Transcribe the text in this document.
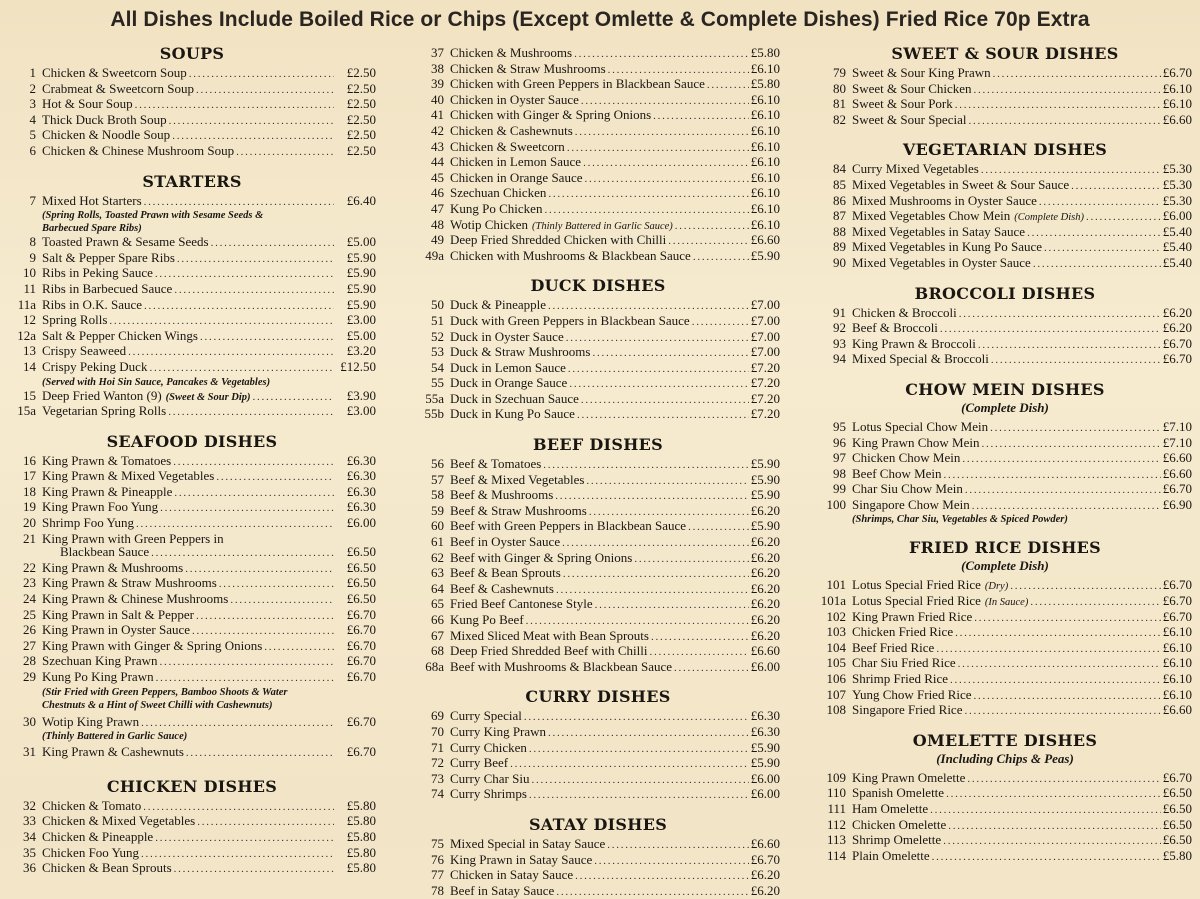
All Dishes Include Boiled Rice or Chips (Except Omlette & Complete Dishes) Fried Rice 70p Extra
SOUPS
1 Chicken & Sweetcorn Soup . . .	£2.50
2 Crabmeat & Sweetcorn Soup . . .	£2.50
3 Hot & Sour Soup . . .	£2.50
4 Thick Duck Broth Soup . . .	£2.50
5 Chicken & Noodle Soup . . .	£2.50
6 Chicken & Chinese Mushroom Soup . . .	£2.50
STARTERS
7 Mixed Hot Starters . . .	£6.40
(Spring Rolls, Toasted Prawn with Sesame Seeds & Barbecued Spare Ribs)
8 Toasted Prawn & Sesame Seeds . . .	£5.00
9 Salt & Pepper Spare Ribs . . .	£5.90
10 Ribs in Peking Sauce . . .	£5.90
11 Ribs in Barbecued Sauce . . .	£5.90
11a Ribs in O.K. Sauce . . .	£5.90
12 Spring Rolls . . .	£3.00
12a Salt & Pepper Chicken Wings . . .	£5.00
13 Crispy Seaweed . . .	£3.20
14 Crispy Peking Duck . . .	£12.50
(Served with Hoi Sin Sauce, Pancakes & Vegetables)
15 Deep Fried Wanton (9) (Sweet & Sour Dip) . . .	£3.90
15a Vegetarian Spring Rolls . . .	£3.00
SEAFOOD DISHES
16 King Prawn & Tomatoes . . .	£6.30
17 King Prawn & Mixed Vegetables . . .	£6.30
18 King Prawn & Pineapple . . .	£6.30
19 King Prawn Foo Yung . . .	£6.30
20 Shrimp Foo Yung . . .	£6.00
21 King Prawn with Green Peppers in
Blackbean Sauce . . .	£6.50
22 King Prawn & Mushrooms . . .	£6.50
23 King Prawn & Straw Mushrooms . . .	£6.50
24 King Prawn & Chinese Mushrooms . . .	£6.50
25 King Prawn in Salt & Pepper . . .	£6.70
26 King Prawn in Oyster Sauce . . .	£6.70
27 King Prawn with Ginger & Spring Onions . . .	£6.70
28 Szechuan King Prawn . . .	£6.70
29 Kung Po King Prawn . . .	£6.70
(Stir Fried with Green Peppers, Bamboo Shoots & Water Chestnuts & a Hint of Sweet Chilli with Cashewnuts)
30 Wotip King Prawn . . .	£6.70
(Thinly Battered in Garlic Sauce)
31 King Prawn & Cashewnuts . . .	£6.70
CHICKEN DISHES
32 Chicken & Tomato . . .	£5.80
33 Chicken & Mixed Vegetables . . .	£5.80
34 Chicken & Pineapple . . .	£5.80
35 Chicken Foo Yung . . .	£5.80
36 Chicken & Bean Sprouts . . .	£5.80
37 Chicken & Mushrooms . . .	£5.80
38 Chicken & Straw Mushrooms . . .	£6.10
39 Chicken with Green Peppers in Blackbean Sauce . . .	£5.80
40 Chicken in Oyster Sauce . . .	£6.10
41 Chicken with Ginger & Spring Onions . . .	£6.10
42 Chicken & Cashewnuts . . .	£6.10
43 Chicken & Sweetcorn . . .	£6.10
44 Chicken in Lemon Sauce . . .	£6.10
45 Chicken in Orange Sauce . . .	£6.10
46 Szechuan Chicken . . .	£6.10
47 Kung Po Chicken . . .	£6.10
48 Wotip Chicken (Thinly Battered in Garlic Sauce) . . .	£6.10
49 Deep Fried Shredded Chicken with Chilli . . .	£6.60
49a Chicken with Mushrooms & Blackbean Sauce . . .	£5.90
DUCK DISHES
50 Duck & Pineapple . . .	£7.00
51 Duck with Green Peppers in Blackbean Sauce . . .	£7.00
52 Duck in Oyster Sauce . . .	£7.00
53 Duck & Straw Mushrooms . . .	£7.00
54 Duck in Lemon Sauce . . .	£7.20
55 Duck in Orange Sauce . . .	£7.20
55a Duck in Szechuan Sauce . . .	£7.20
55b Duck in Kung Po Sauce . . .	£7.20
BEEF DISHES
56 Beef & Tomatoes . . .	£5.90
57 Beef & Mixed Vegetables . . .	£5.90
58 Beef & Mushrooms . . .	£5.90
59 Beef & Straw Mushrooms . . .	£6.20
60 Beef with Green Peppers in Blackbean Sauce . . .	£5.90
61 Beef in Oyster Sauce . . .	£6.20
62 Beef with Ginger & Spring Onions . . .	£6.20
63 Beef & Bean Sprouts . . .	£6.20
64 Beef & Cashewnuts . . .	£6.20
65 Fried Beef Cantonese Style . . .	£6.20
66 Kung Po Beef . . .	£6.20
67 Mixed Sliced Meat with Bean Sprouts . . .	£6.20
68 Deep Fried Shredded Beef with Chilli . . .	£6.60
68a Beef with Mushrooms & Blackbean Sauce . . .	£6.00
CURRY DISHES
69 Curry Special . . .	£6.30
70 Curry King Prawn . . .	£6.30
71 Curry Chicken . . .	£5.90
72 Curry Beef . . .	£5.90
73 Curry Char Siu . . .	£6.00
74 Curry Shrimps . . .	£6.00
SATAY DISHES
75 Mixed Special in Satay Sauce . . .	£6.60
76 King Prawn in Satay Sauce . . .	£6.70
77 Chicken in Satay Sauce . . .	£6.20
78 Beef in Satay Sauce . . .	£6.20
SWEET & SOUR DISHES
79 Sweet & Sour King Prawn . . .	£6.70
80 Sweet & Sour Chicken . . .	£6.10
81 Sweet & Sour Pork . . .	£6.10
82 Sweet & Sour Special . . .	£6.60
VEGETARIAN DISHES
84 Curry Mixed Vegetables . . .	£5.30
85 Mixed Vegetables in Sweet & Sour Sauce . . .	£5.30
86 Mixed Mushrooms in Oyster Sauce . . .	£5.30
87 Mixed Vegetables Chow Mein (Complete Dish) . . .	£6.00
88 Mixed Vegetables in Satay Sauce . . .	£5.40
89 Mixed Vegetables in Kung Po Sauce . . .	£5.40
90 Mixed Vegetables in Oyster Sauce . . .	£5.40
BROCCOLI DISHES
91 Chicken & Broccoli . . .	£6.20
92 Beef & Broccoli . . .	£6.20
93 King Prawn & Broccoli . . .	£6.70
94 Mixed Special & Broccoli . . .	£6.70
CHOW MEIN DISHES
(Complete Dish)
95 Lotus Special Chow Mein . . .	£7.10
96 King Prawn Chow Mein . . .	£7.10
97 Chicken Chow Mein . . .	£6.60
98 Beef Chow Mein . . .	£6.60
99 Char Siu Chow Mein . . .	£6.70
100 Singapore Chow Mein . . .	£6.90
(Shrimps, Char Siu, Vegetables & Spiced Powder)
FRIED RICE DISHES
(Complete Dish)
101 Lotus Special Fried Rice (Dry) . . .	£6.70
101a Lotus Special Fried Rice (In Sauce) . . .	£6.70
102 King Prawn Fried Rice . . .	£6.70
103 Chicken Fried Rice . . .	£6.10
104 Beef Fried Rice . . .	£6.10
105 Char Siu Fried Rice . . .	£6.10
106 Shrimp Fried Rice . . .	£6.10
107 Yung Chow Fried Rice . . .	£6.10
108 Singapore Fried Rice . . .	£6.60
OMELETTE DISHES
(Including Chips & Peas)
109 King Prawn Omelette . . .	£6.70
110 Spanish Omelette . . .	£6.50
111 Ham Omelette . . .	£6.50
112 Chicken Omelette . . .	£6.50
113 Shrimp Omelette . . .	£6.50
114 Plain Omelette . . .	£5.80
